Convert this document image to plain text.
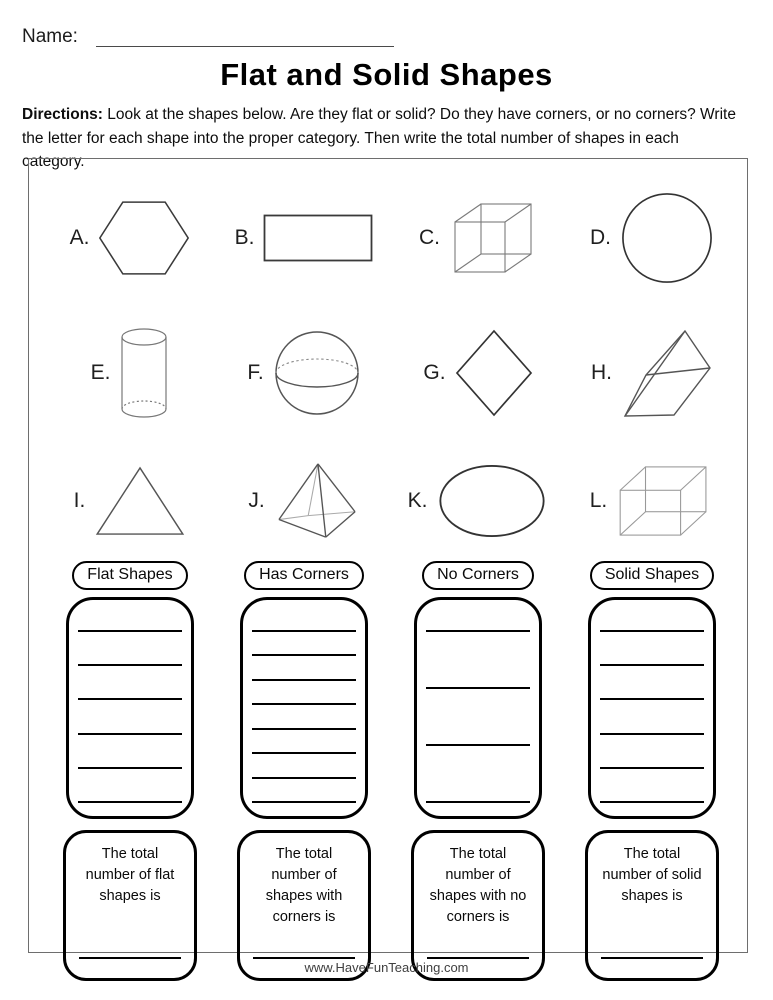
Name:
Flat and Solid Shapes
Directions: Look at the shapes below. Are they flat or solid? Do they have corners, or no corners? Write the letter for each shape into the proper category. Then write the total number of shapes in each category.
A.	B.	C.	D.
E.	F.	G.	H.
I.	J.	K.	L.
Flat Shapes	Has Corners	No Corners	Solid Shapes
The total number of flat shapes is
The total number of shapes with corners is
The total number of shapes with no corners is
The total number of solid shapes is
www.HaveFunTeaching.com
